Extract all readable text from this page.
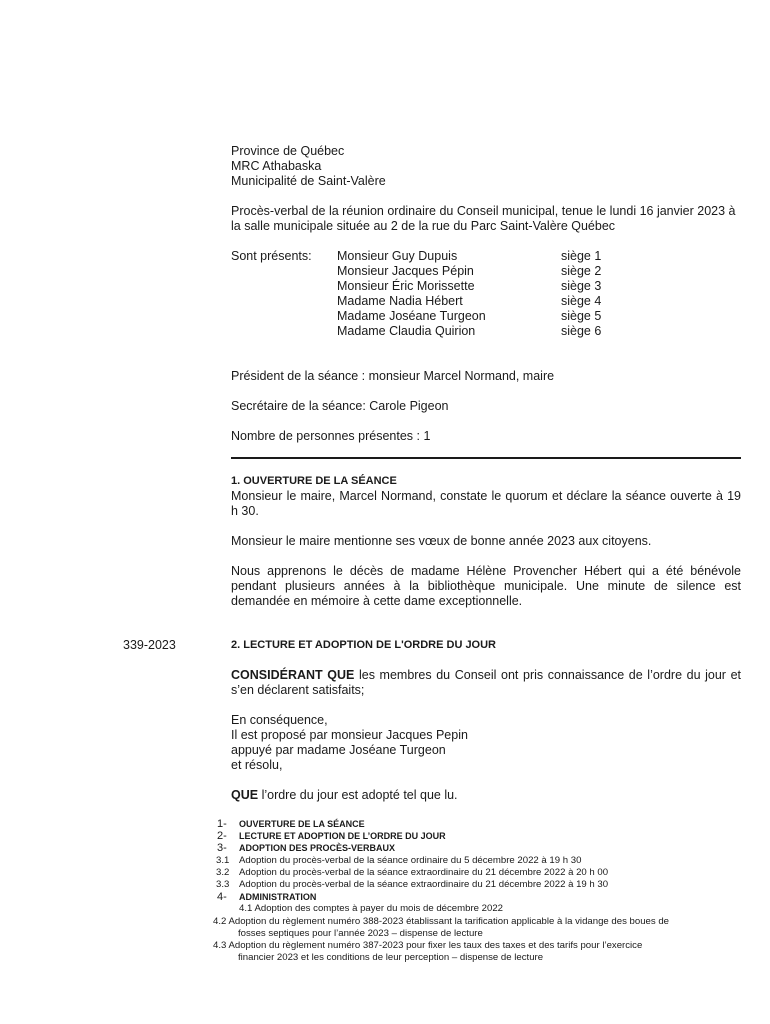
Province de Québec
MRC Athabaska
Municipalité de Saint-Valère
Procès-verbal de la réunion ordinaire du Conseil municipal, tenue le lundi 16 janvier 2023 à la salle municipale située au 2 de la rue du Parc Saint-Valère Québec
Sont présents:	Monsieur Guy Dupuis	siège 1
Monsieur Jacques Pépin	siège 2
Monsieur Éric Morissette	siège 3
Madame Nadia Hébert	siège 4
Madame Joséane Turgeon	siège 5
Madame Claudia Quirion	siège 6
Président de la séance : monsieur Marcel Normand, maire
Secrétaire de la séance: Carole Pigeon
Nombre de personnes présentes : 1
1. OUVERTURE DE LA SÉANCE
Monsieur le maire, Marcel Normand, constate le quorum et déclare la séance ouverte à 19 h 30.
Monsieur le maire mentionne ses vœux de bonne année 2023 aux citoyens.
Nous apprenons le décès de madame Hélène Provencher Hébert qui a été bénévole pendant plusieurs années à la bibliothèque municipale. Une minute de silence est demandée en mémoire à cette dame exceptionnelle.
339-2023	2. LECTURE ET ADOPTION DE L'ORDRE DU JOUR
CONSIDÉRANT QUE les membres du Conseil ont pris connaissance de l’ordre du jour et s’en déclarent satisfaits;
En conséquence,
Il est proposé par monsieur Jacques Pepin
appuyé par madame Joséane Turgeon
et résolu,
QUE l’ordre du jour est adopté tel que lu.
1- OUVERTURE DE LA SÉANCE
2- LECTURE ET ADOPTION DE L’ORDRE DU JOUR
3- ADOPTION DES PROCÈS-VERBAUX
3.1 Adoption du procès-verbal de la séance ordinaire du 5 décembre 2022 à 19 h 30
3.2 Adoption du procès-verbal de la séance extraordinaire du 21 décembre 2022 à 20 h 00
3.3 Adoption du procès-verbal de la séance extraordinaire du 21 décembre 2022 à 19 h 30
4- ADMINISTRATION
4.1 Adoption des comptes à payer du mois de décembre 2022
4.2 Adoption du règlement numéro 388-2023 établissant la tarification applicable à la vidange des boues de
fosses septiques pour l’année 2023 – dispense de lecture
4.3 Adoption du règlement numéro 387-2023 pour fixer les taux des taxes et des tarifs pour l’exercice
financier 2023 et les conditions de leur perception – dispense de lecture
